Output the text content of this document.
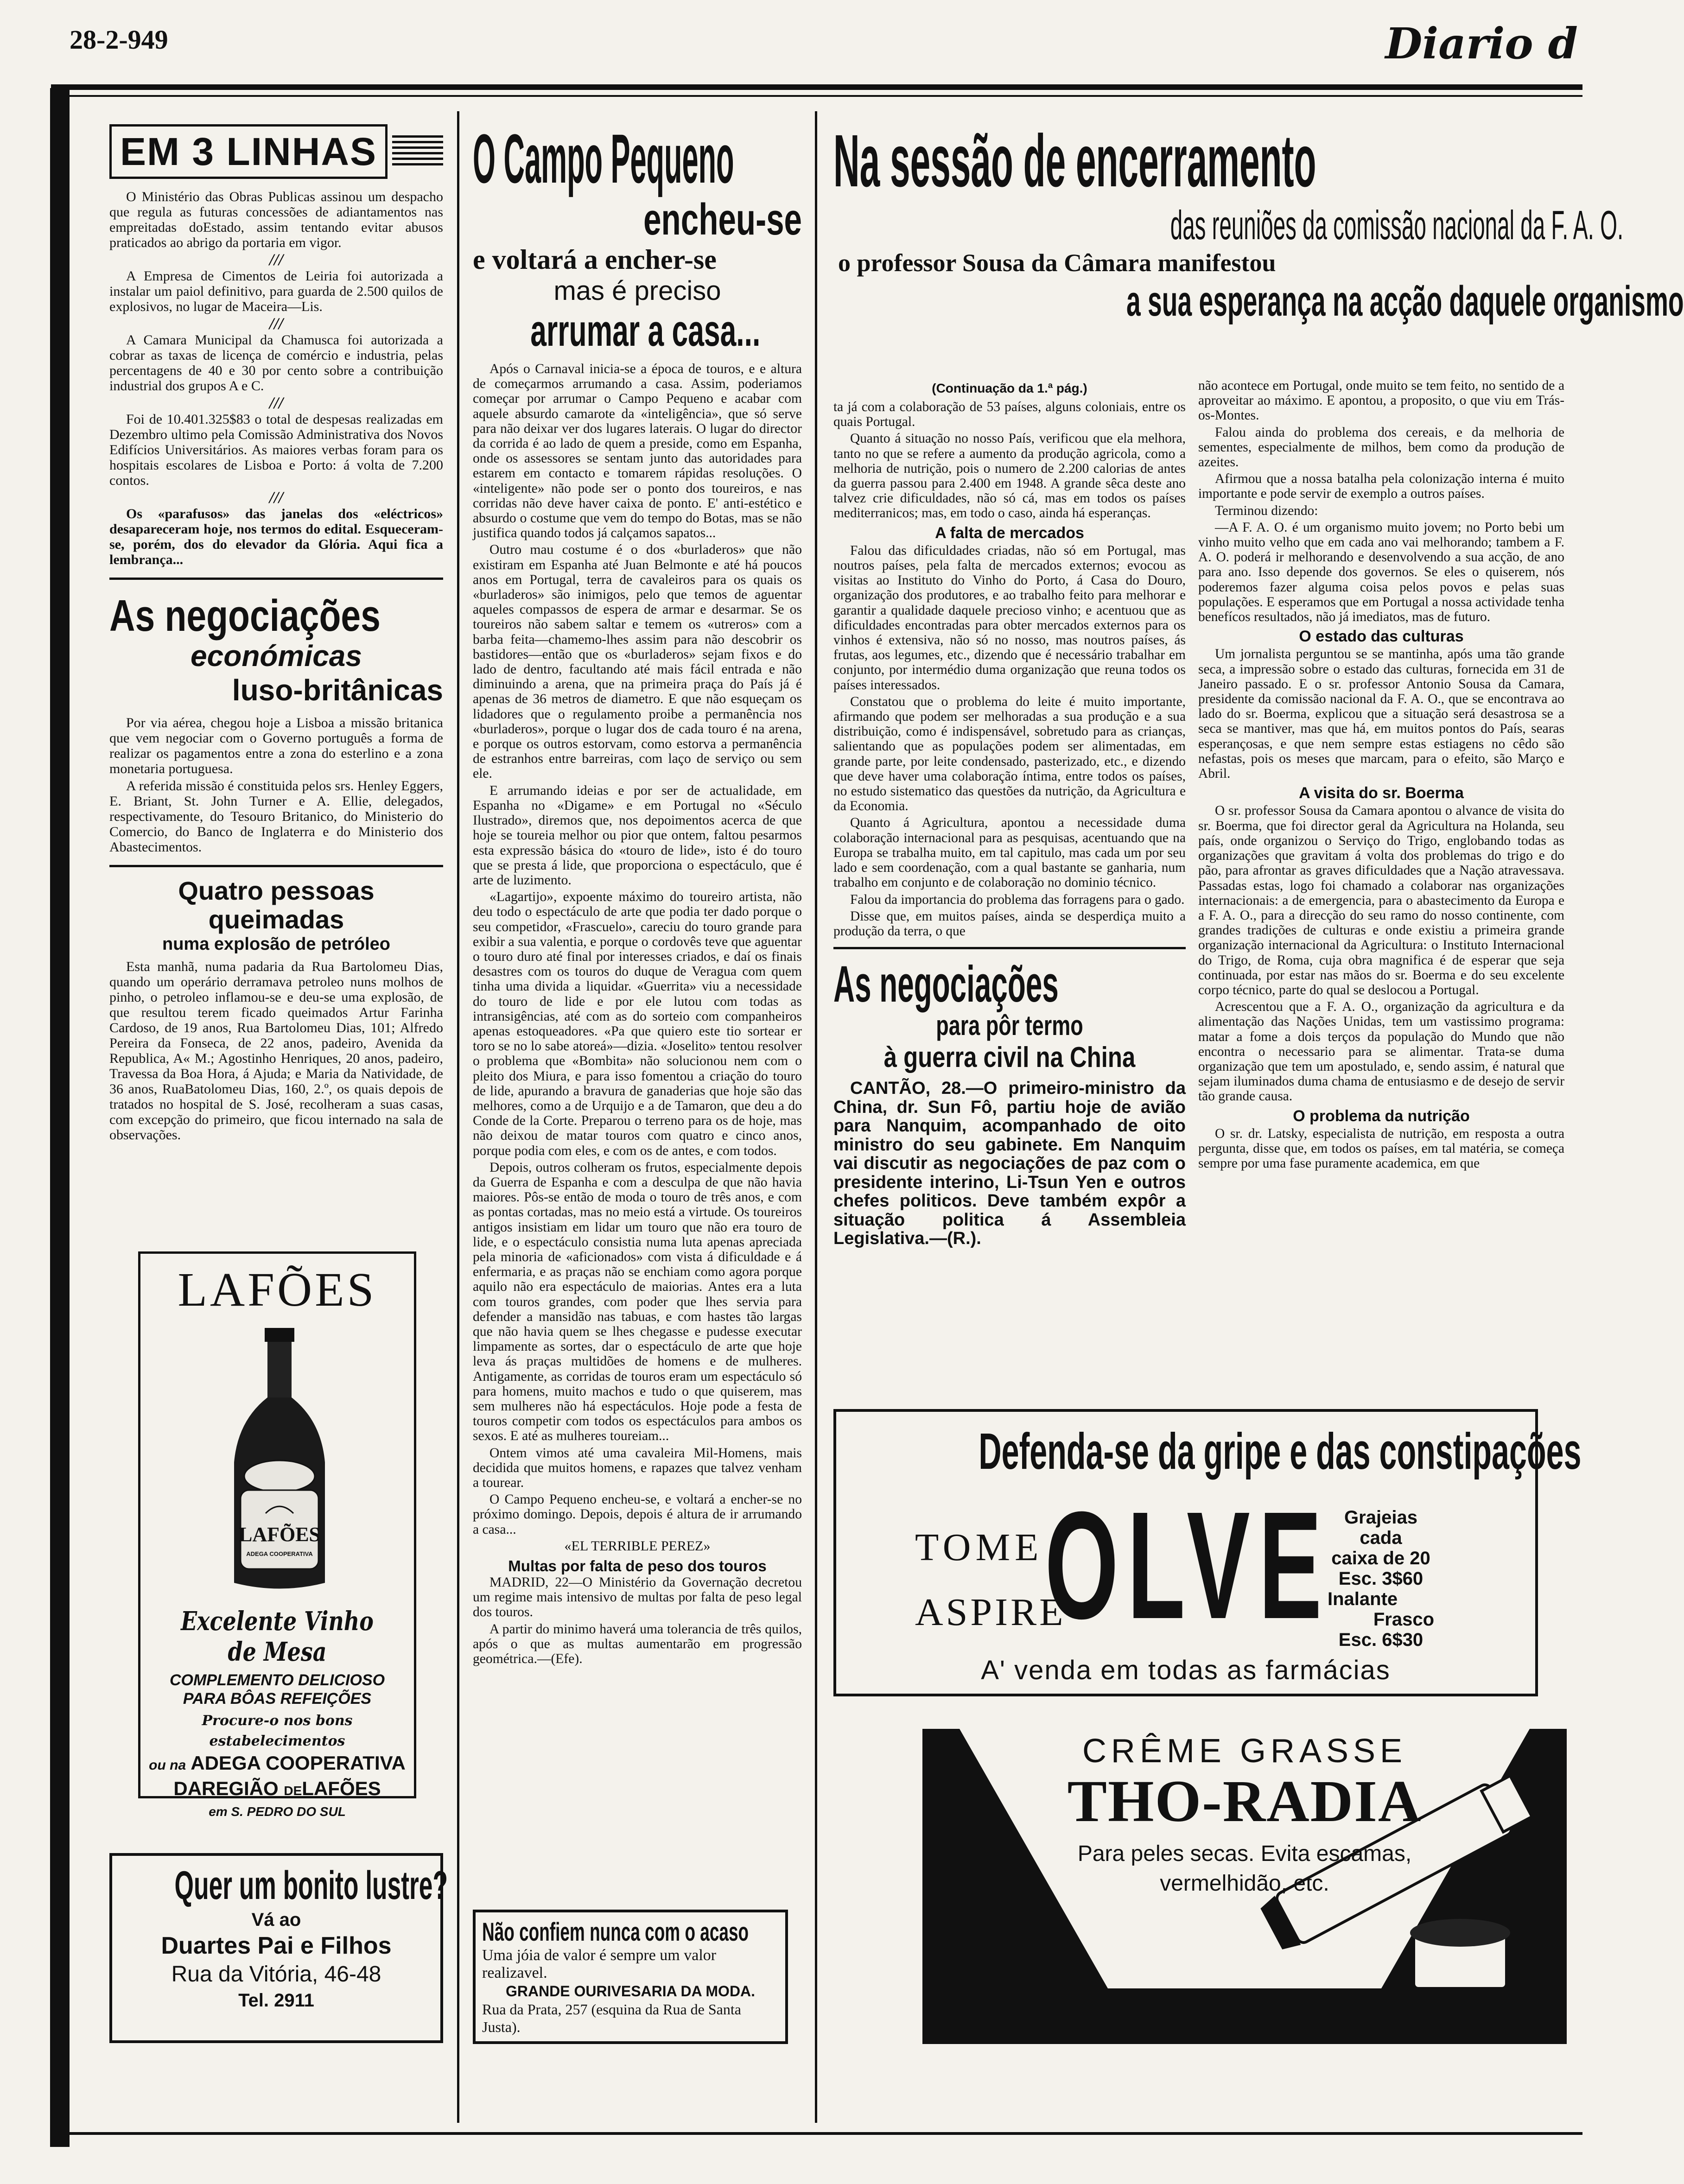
28-2-949	Diario d
EM 3 LINHAS

O Ministério das Obras Publicas assinou um despacho que regula as futuras concessões de adiantamentos nas empreitadas doEstado, assim tentando evitar abusos praticados ao abrigo da portaria em vigor.

///

A Empresa de Cimentos de Leiria foi autorizada a instalar um paiol definitivo, para guarda de 2.500 quilos de explosivos, no lugar de Maceira—Lis.

///

A Camara Municipal da Chamusca foi autorizada a cobrar as taxas de licença de comércio e industria, pelas percentagens de 40 e 30 por cento sobre a contribuição industrial dos grupos A e C.

///

Foi de 10.401.325$83 o total de despesas realizadas em Dezembro ultimo pela Comissão Administrativa dos Novos Edifícios Universitários. As maiores verbas foram para os hospitais escolares de Lisboa e Porto: á volta de 7.200 contos.

///

Os «parafusos» das janelas dos «eléctricos» desapareceram hoje, nos termos do edital. Esqueceram-se, porém, dos do elevador da Glória. Aqui fica a lembrança...

As negociações
económicas
luso-britânicas

Por via aérea, chegou hoje a Lisboa a missão britanica que vem negociar com o Governo português a forma de realizar os pagamentos entre a zona do esterlino e a zona monetaria portuguesa.

A referida missão é constituida pelos srs. Henley Eggers, E. Briant, St. John Turner e A. Ellie, delegados, respectivamente, do Tesouro Britanico, do Ministerio do Comercio, do Banco de Inglaterra e do Ministerio dos Abastecimentos.

Quatro pessoas queimadas
numa explosão de petróleo

Esta manhã, numa padaria da Rua Bartolomeu Dias, quando um operário derramava petroleo nuns molhos de pinho, o petroleo inflamou-se e deu-se uma explosão, de que resultou terem ficado queimados Artur Farinha Cardoso, de 19 anos, Rua Bartolomeu Dias, 101; Alfredo Pereira da Fonseca, de 22 anos, padeiro, Avenida da Republica, A« M.; Agostinho Henriques, 20 anos, padeiro, Travessa da Boa Hora, á Ajuda; e Maria da Natividade, de 36 anos, RuaBatolomeu Dias, 160, 2.º, os quais depois de tratados no hospital de S. José, recolheram a suas casas, com excepção do primeiro, que ficou internado na sala de observações.

LAFÕES
LAFÕES
ADEGA COOPERATIVA
Excelente Vinho de Mesa
COMPLEMENTO DELICIOSO
PARA BÔAS REFEIÇÕES
Procure-o nos bons estabelecimentos
ou na ADEGA COOPERATIVA
DAREGIÃO DELAFÕES
em S. PEDRO DO SUL
Quer um bonito lustre?
Vá ao
Duartes Pai e Filhos
Rua da Vitória, 46-48
Tel. 2911
O Campo Pequeno
encheu-se
e voltará a encher-se
mas é preciso
arrumar a casa...

Após o Carnaval inicia-se a época de touros, e e altura de começarmos arrumando a casa. Assim, poderiamos começar por arrumar o Campo Pequeno e acabar com aquele absurdo camarote da «inteligência», que só serve para não deixar ver dos lugares laterais. O lugar do director da corrida é ao lado de quem a preside, como em Espanha, onde os assessores se sentam junto das autoridades para estarem em contacto e tomarem rápidas resoluções. O «inteligente» não pode ser o ponto dos toureiros, e nas corridas não deve haver caixa de ponto. E' anti-estético e absurdo o costume que vem do tempo do Botas, mas se não justifica quando todos já calçamos sapatos...

Outro mau costume é o dos «burladeros» que não existiram em Espanha até Juan Belmonte e até há poucos anos em Portugal, terra de cavaleiros para os quais os «burladeros» são inimigos, pelo que temos de aguentar aqueles compassos de espera de armar e desarmar. Se os toureiros não sabem saltar e temem os «utreros» com a barba feita—chamemo-lhes assim para não descobrir os bastidores—então que os «burladeros» sejam fixos e do lado de dentro, facultando até mais fácil entrada e não diminuindo a arena, que na primeira praça do País já é apenas de 36 metros de diametro. E que não esqueçam os lidadores que o regulamento proibe a permanência nos «burladeros», porque o lugar dos de cada touro é na arena, e porque os outros estorvam, como estorva a permanência de estranhos entre barreiras, com laço de serviço ou sem ele.

E arrumando ideias e por ser de actualidade, em Espanha no «Digame» e em Portugal no «Século Ilustrado», diremos que, nos depoimentos acerca de que hoje se toureia melhor ou pior que ontem, faltou pesarmos esta expressão básica do «touro de lide», isto é do touro que se presta á lide, que proporciona o espectáculo, que é arte de luzimento.

«Lagartijo», expoente máximo do toureiro artista, não deu todo o espectáculo de arte que podia ter dado porque o seu competidor, «Frascuelo», careciu do touro grande para exibir a sua valentia, e porque o cordovês teve que aguentar o touro duro até final por interesses criados, e daí os finais desastres com os touros do duque de Veragua com quem tinha uma divida a liquidar. «Guerrita» viu a necessidade do touro de lide e por ele lutou com todas as intransigências, até com as do sorteio com companheiros apenas estoqueadores. «Pa que quiero este tio sortear er toro se no lo sabe atoreá»—dizia. «Joselito» tentou resolver o problema que «Bombita» não solucionou nem com o pleito dos Miura, e para isso fomentou a criação do touro de lide, apurando a bravura de ganaderias que hoje são das melhores, como a de Urquijo e a de Tamaron, que deu a do Conde de la Corte. Preparou o terreno para os de hoje, mas não deixou de matar touros com quatro e cinco anos, porque podia com eles, e com os de antes, e com todos.

Depois, outros colheram os frutos, especialmente depois da Guerra de Espanha e com a desculpa de que não havia maiores. Pôs-se então de moda o touro de três anos, e com as pontas cortadas, mas no meio está a virtude. Os toureiros antigos insistiam em lidar um touro que não era touro de lide, e o espectáculo consistia numa luta apenas apreciada pela minoria de «aficionados» com vista á dificuldade e á enfermaria, e as praças não se enchiam como agora porque aquilo não era espectáculo de maiorias. Antes era a luta com touros grandes, com poder que lhes servia para defender a mansidão nas tabuas, e com hastes tão largas que não havia quem se lhes chegasse e pudesse executar limpamente as sortes, dar o espectáculo de arte que hoje leva ás praças multidões de homens e de mulheres. Antigamente, as corridas de touros eram um espectáculo só para homens, muito machos e tudo o que quiserem, mas sem mulheres não há espectáculos. Hoje pode a festa de touros competir com todos os espectáculos para ambos os sexos. E até as mulheres toureiam...

Ontem vimos até uma cavaleira Mil-Homens, mais decidida que muitos homens, e rapazes que talvez venham a tourear.

O Campo Pequeno encheu-se, e voltará a encher-se no próximo domingo. Depois, depois é altura de ir arrumando a casa...

«EL TERRIBLE PEREZ»
Multas por falta de peso dos touros

MADRID, 22—O Ministério da Governação decretou um regime mais intensivo de multas por falta de peso legal dos touros.

A partir do minimo haverá uma tolerancia de três quilos, após o que as multas aumentarão em progressão geométrica.—(Efe).

Não confiem nunca com o acaso
Uma jóia de valor é sempre um valor realizavel.
GRANDE OURIVESARIA DA MODA.
Rua da Prata, 257 (esquina da Rua de Santa Justa).
Na sessão de encerramento
das reuniões da comissão nacional da F. A. O.
o professor Sousa da Câmara manifestou
a sua esperança na acção daquele organismo
(Continuação da 1.ª pág.)

ta já com a colaboração de 53 países, alguns coloniais, entre os quais Portugal.

Quanto á situação no nosso País, verificou que ela melhora, tanto no que se refere a aumento da produção agricola, como a melhoria de nutrição, pois o numero de 2.200 calorias de antes da guerra passou para 2.400 em 1948. A grande sêca deste ano talvez crie dificuldades, não só cá, mas em todos os países mediterranicos; mas, em todo o caso, ainda há esperanças.

A falta de mercados

Falou das dificuldades criadas, não só em Portugal, mas noutros países, pela falta de mercados externos; evocou as visitas ao Instituto do Vinho do Porto, á Casa do Douro, organização dos produtores, e ao trabalho feito para melhorar e garantir a qualidade daquele precioso vinho; e acentuou que as dificuldades encontradas para obter mercados externos para os vinhos é extensiva, não só no nosso, mas noutros países, ás frutas, aos legumes, etc., dizendo que é necessário trabalhar em conjunto, por intermédio duma organização que reuna todos os países interessados.

Constatou que o problema do leite é muito importante, afirmando que podem ser melhoradas a sua produção e a sua distribuição, como é indispensável, sobretudo para as crianças, salientando que as populações podem ser alimentadas, em grande parte, por leite condensado, pasterizado, etc., e dizendo que deve haver uma colaboração íntima, entre todos os países, no estudo sistematico das questões da nutrição, da Agricultura e da Economia.

Quanto á Agricultura, apontou a necessidade duma colaboração internacional para as pesquisas, acentuando que na Europa se trabalha muito, em tal capitulo, mas cada um por seu lado e sem coordenação, com a qual bastante se ganharia, num trabalho em conjunto e de colaboração no dominio técnico.

Falou da importancia do problema das forragens para o gado.

Disse que, em muitos países, ainda se desperdiça muito a produção da terra, o que

As negociações
para pôr termo
à guerra civil na China
CANTÃO, 28.—O primeiro-ministro da China, dr. Sun Fô, partiu hoje de avião para Nanquim, acompanhado de oito ministro do seu gabinete. Em Nanquim vai discutir as negociações de paz com o presidente interino, Li-Tsun Yen e outros chefes politicos. Deve também expôr a situação politica á Assembleia Legislativa.—(R.).

não acontece em Portugal, onde muito se tem feito, no sentido de a aproveitar ao máximo. E apontou, a proposito, o que viu em Trás-os-Montes.

Falou ainda do problema dos cereais, e da melhoria de sementes, especialmente de milhos, bem como da produção de azeites.

Afirmou que a nossa batalha pela colonização interna é muito importante e pode servir de exemplo a outros países.

Terminou dizendo:

—A F. A. O. é um organismo muito jovem; no Porto bebi um vinho muito velho que em cada ano vai melhorando; tambem a F. A. O. poderá ir melhorando e desenvolvendo a sua acção, de ano para ano. Isso depende dos governos. Se eles o quiserem, nós poderemos fazer alguma coisa pelos povos e pelas suas populações. E esperamos que em Portugal a nossa actividade tenha benefícos resultados, não já imediatos, mas de futuro.

O estado das culturas

Um jornalista perguntou se se mantinha, após uma tão grande seca, a impressão sobre o estado das culturas, fornecida em 31 de Janeiro passado. E o sr. professor Antonio Sousa da Camara, presidente da comissão nacional da F. A. O., que se encontrava ao lado do sr. Boerma, explicou que a situação será desastrosa se a seca se mantiver, mas que há, em muitos pontos do País, searas esperançosas, e que nem sempre estas estiagens no cêdo são nefastas, pois os meses que marcam, para o efeito, são Março e Abril.

A visita do sr. Boerma

O sr. professor Sousa da Camara apontou o alvance de visita do sr. Boerma, que foi director geral da Agricultura na Holanda, seu país, onde organizou o Serviço do Trigo, englobando todas as organizações que gravitam á volta dos problemas do trigo e do pão, para afrontar as graves dificuldades que a Nação atravessava. Passadas estas, logo foi chamado a colaborar nas organizações internacionais: a de emergencia, para o abastecimento da Europa e a F. A. O., para a direcção do seu ramo do nosso continente, com grandes tradições de culturas e onde existiu a primeira grande organização internacional da Agricultura: o Instituto Internacional do Trigo, de Roma, cuja obra magnifica é de esperar que seja continuada, por estar nas mãos do sr. Boerma e do seu excelente corpo técnico, parte do qual se deslocou a Portugal.

Acrescentou que a F. A. O., organização da agricultura e da alimentação das Nações Unidas, tem um vastissimo programa: matar a fome a dois terços da população do Mundo que não encontra o necessario para se alimentar. Trata-se duma organização que tem um apostulado, e, sendo assim, é natural que sejam iluminados duma chama de entusiasmo e de desejo de servir tão grande causa.

O problema da nutrição

O sr. dr. Latsky, especialista de nutrição, em resposta a outra pergunta, disse que, em todos os países, em tal matéria, se começa sempre por uma fase puramente academica, em que

Defenda-se da gripe e das constipações
TOME
ASPIRE
OLVE Grajeias cada
caixa de 20
Esc. 3$60
Inalante
Frasco
Esc. 6$30
A' venda em todas as farmácias
CRÊME GRASSE
THO-RADIA
Para peles secas. Evita escamas,
vermelhidão, etc.
